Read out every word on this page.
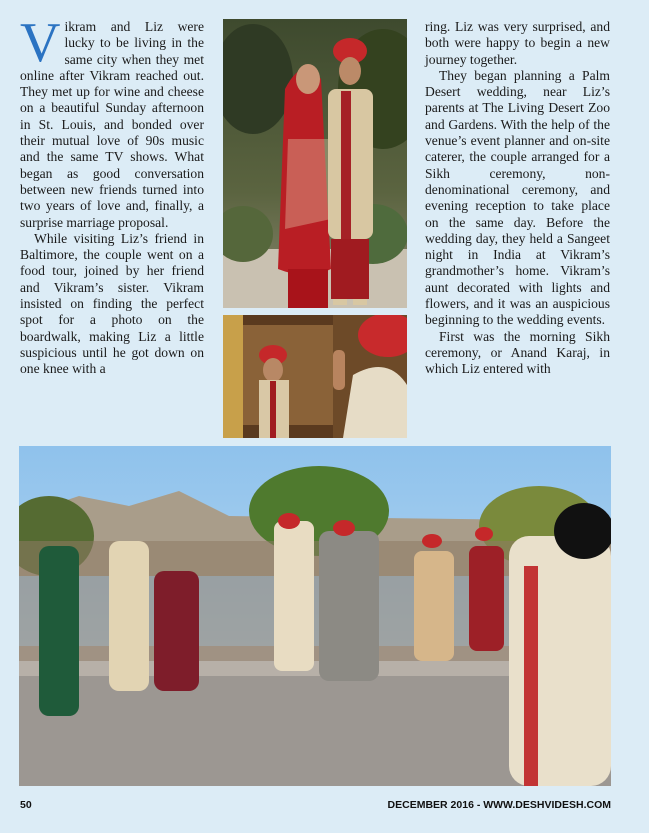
Vikram and Liz were lucky to be living in the same city when they met online after Vikram reached out. They met up for wine and cheese on a beautiful Sunday afternoon in St. Louis, and bonded over their mutual love of 90s music and the same TV shows. What began as good conversation between new friends turned into two years of love and, finally, a surprise marriage proposal.

While visiting Liz’s friend in Baltimore, the couple went on a food tour, joined by her friend and Vikram’s sister. Vikram insisted on finding the perfect spot for a photo on the boardwalk, making Liz a little suspicious until he got down on one knee with a

ring. Liz was very surprised, and both were happy to begin a new journey together.

They began planning a Palm Desert wedding, near Liz’s parents at The Living Desert Zoo and Gardens. With the help of the venue’s event planner and on-site caterer, the couple arranged for a Sikh ceremony, non-denominational ceremony, and evening reception to take place on the same day. Before the wedding day, they held a Sangeet night in India at Vikram’s grandmother’s home. Vikram’s aunt decorated with lights and flowers, and it was an auspicious beginning to the wedding events.

First was the morning Sikh ceremony, or Anand Karaj, in which Liz entered with

50	DECEMBER 2016 - WWW.DESHVIDESH.COM
